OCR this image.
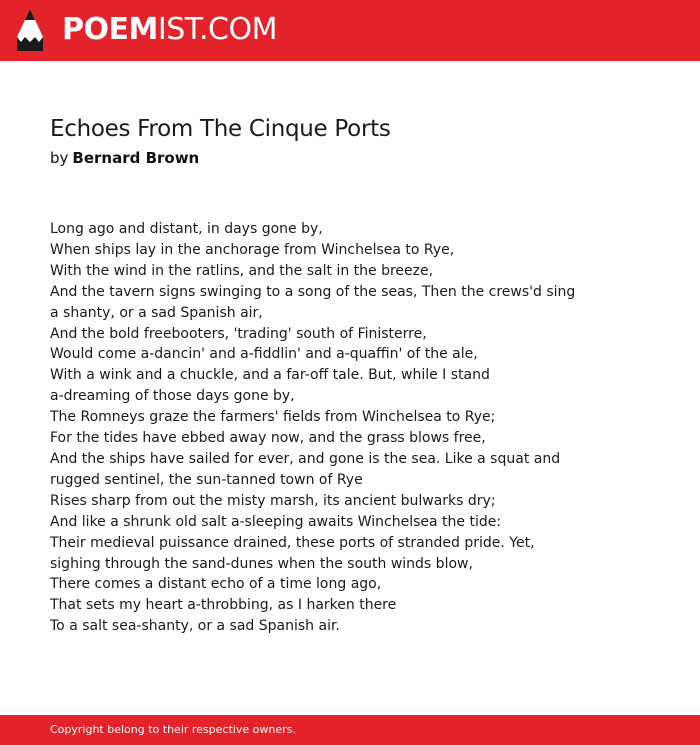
POEMIST.COM
Echoes From The Cinque Ports
by Bernard Brown
Long ago and distant, in days gone by,
When ships lay in the anchorage from Winchelsea to Rye,
With the wind in the ratlins, and the salt in the breeze,
And the tavern signs swinging to a song of the seas, Then the crews'd sing
a shanty, or a sad Spanish air,
And the bold freebooters, 'trading' south of Finisterre,
Would come a-dancin' and a-fiddlin' and a-quaffin' of the ale,
With a wink and a chuckle, and a far-off tale. But, while I stand
a-dreaming of those days gone by,
The Romneys graze the farmers' fields from Winchelsea to Rye;
For the tides have ebbed away now, and the grass blows free,
And the ships have sailed for ever, and gone is the sea. Like a squat and
rugged sentinel, the sun-tanned town of Rye
Rises sharp from out the misty marsh, its ancient bulwarks dry;
And like a shrunk old salt a-sleeping awaits Winchelsea the tide:
Their medieval puissance drained, these ports of stranded pride. Yet,
sighing through the sand-dunes when the south winds blow,
There comes a distant echo of a time long ago,
That sets my heart a-throbbing, as I harken there
To a salt sea-shanty, or a sad Spanish air.
Copyright belong to their respective owners.
